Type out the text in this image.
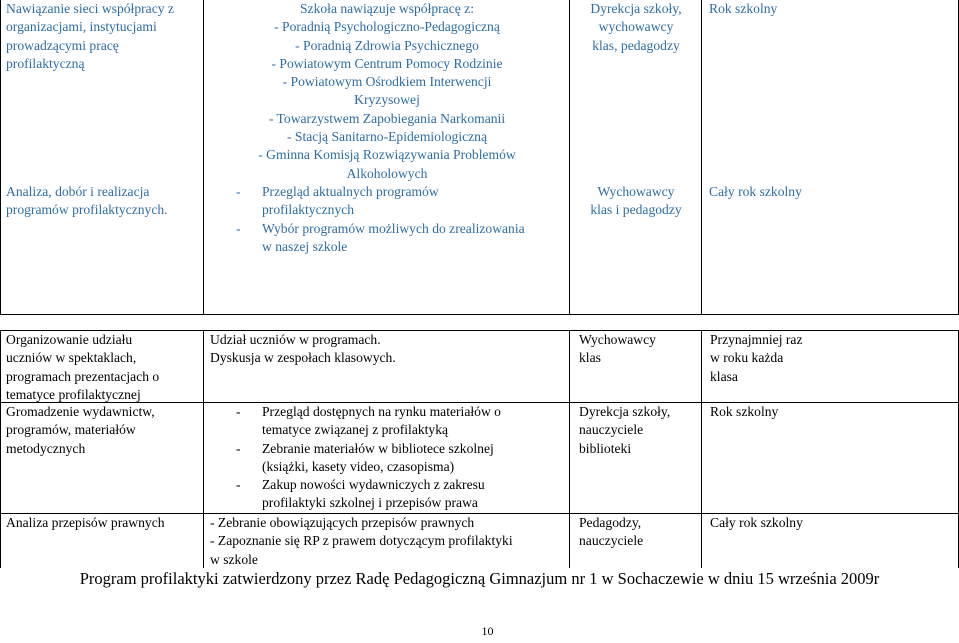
Nawiązanie sieci współpracy z
organizacjami, instytucjami
prowadzącymi pracę
profilaktyczną
Analiza, dobór i realizacja
programów profilaktycznych.
Szkoła nawiązuje współpracę z:
- Poradnią Psychologiczno-Pedagogiczną
- Poradnią Zdrowia Psychicznego
- Powiatowym Centrum Pomocy Rodzinie
- Powiatowym Ośrodkiem Interwencji
Kryzysowej
- Towarzystwem Zapobiegania Narkomanii
- Stacją Sanitarno-Epidemiologiczną
- Gminna Komisją Rozwiązywania Problemów
Alkoholowych
- Przegląd aktualnych programów
profilaktycznych
- Wybór programów możliwych do zrealizowania
w naszej szkole
Dyrekcja szkoły,
wychowawcy
klas, pedagodzy
Wychowawcy
klas i pedagodzy
Rok szkolny
Cały rok szkolny
Organizowanie udziału
uczniów w spektaklach,
programach prezentacjach o
tematyce profilaktycznej
Udział uczniów w programach.
Dyskusja w zespołach klasowych.
Wychowawcy
klas
Przynajmniej raz
w roku każda
klasa
Gromadzenie wydawnictw,
programów, materiałów
metodycznych
- Przegląd dostępnych na rynku materiałów o
tematyce związanej z profilaktyką
- Zebranie materiałów w bibliotece szkolnej
(książki, kasety video, czasopisma)
- Zakup nowości wydawniczych z zakresu
profilaktyki szkolnej i przepisów prawa
Dyrekcja szkoły,
nauczyciele
biblioteki
Rok szkolny
Analiza przepisów prawnych	- Zebranie obowiązujących przepisów prawnych
- Zapoznanie się RP z prawem dotyczącym profilaktyki
w szkole
Pedagodzy,
nauczyciele
Cały rok szkolny
Program profilaktyki zatwierdzony przez Radę Pedagogiczną Gimnazjum nr 1 w Sochaczewie w dniu 15 września 2009r
10
